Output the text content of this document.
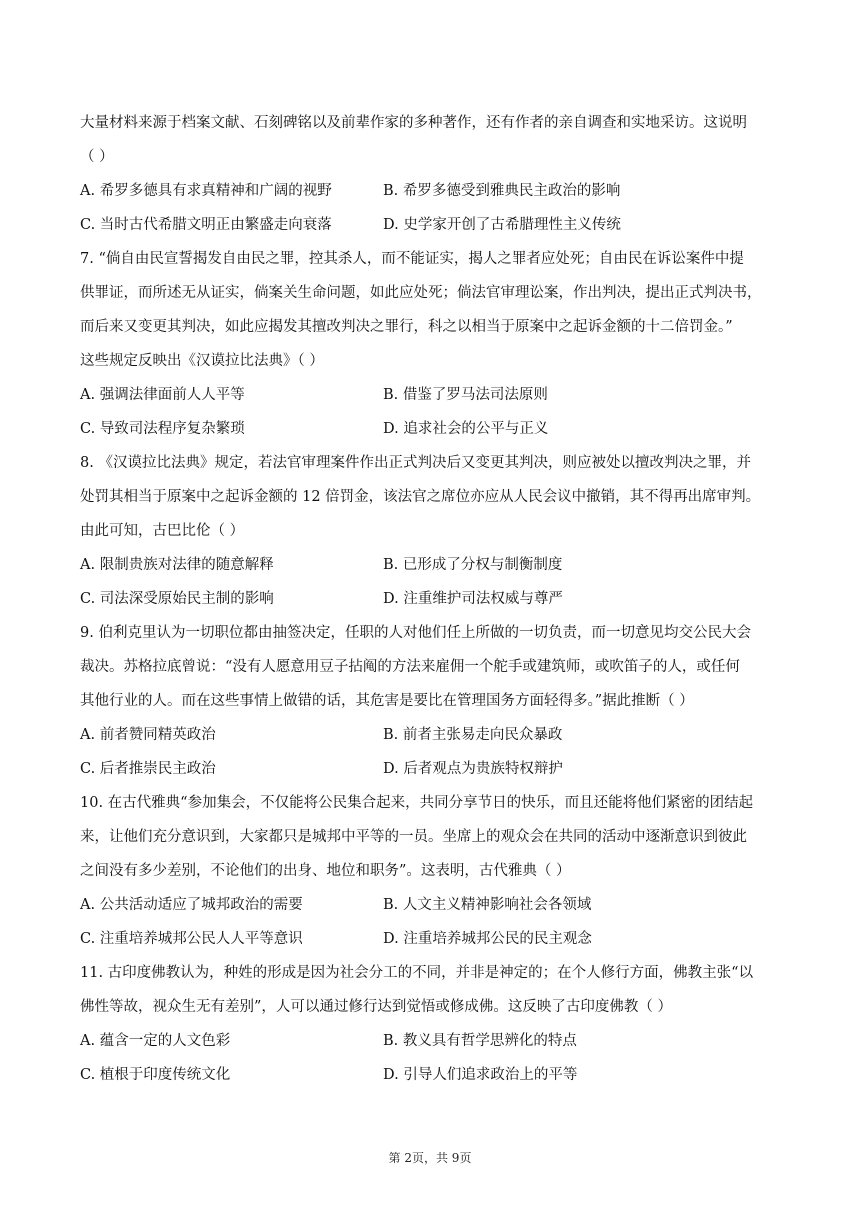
大量材料来源于档案文献、石刻碑铭以及前辈作家的多种著作，还有作者的亲自调查和实地采访。这说明
（ ）
A. 希罗多德具有求真精神和广阔的视野	B. 希罗多德受到雅典民主政治的影响
C. 当时古代希腊文明正由繁盛走向衰落	D. 史学家开创了古希腊理性主义传统
7. “倘自由民宣誓揭发自由民之罪，控其杀人，而不能证实，揭人之罪者应处死；自由民在诉讼案件中提
供罪证，而所述无从证实，倘案关生命问题，如此应处死；倘法官审理讼案，作出判决，提出正式判决书，
而后来又变更其判决，如此应揭发其擅改判决之罪行，科之以相当于原案中之起诉金额的十二倍罚金。”
这些规定反映出《汉谟拉比法典》（ ）
A. 强调法律面前人人平等	B. 借鉴了罗马法司法原则
C. 导致司法程序复杂繁琐	D. 追求社会的公平与正义
8. 《汉谟拉比法典》规定，若法官审理案件作出正式判决后又变更其判决，则应被处以擅改判决之罪，并
处罚其相当于原案中之起诉金额的 12 倍罚金，该法官之席位亦应从人民会议中撤销，其不得再出席审判。
由此可知，古巴比伦（ ）
A. 限制贵族对法律的随意解释	B. 已形成了分权与制衡制度
C. 司法深受原始民主制的影响	D. 注重维护司法权威与尊严
9. 伯利克里认为一切职位都由抽签决定，任职的人对他们任上所做的一切负责，而一切意见均交公民大会
裁决。苏格拉底曾说：“没有人愿意用豆子拈阄的方法来雇佣一个舵手或建筑师，或吹笛子的人，或任何
其他行业的人。而在这些事情上做错的话，其危害是要比在管理国务方面轻得多。”据此推断（ ）
A. 前者赞同精英政治	B. 前者主张易走向民众暴政
C. 后者推崇民主政治	D. 后者观点为贵族特权辩护
10. 在古代雅典“参加集会，不仅能将公民集合起来，共同分享节日的快乐，而且还能将他们紧密的团结起
来，让他们充分意识到，大家都只是城邦中平等的一员。坐席上的观众会在共同的活动中逐渐意识到彼此
之间没有多少差别，不论他们的出身、地位和职务”。这表明，古代雅典（ ）
A. 公共活动适应了城邦政治的需要	B. 人文主义精神影响社会各领域
C. 注重培养城邦公民人人平等意识	D. 注重培养城邦公民的民主观念
11. 古印度佛教认为，种姓的形成是因为社会分工的不同，并非是神定的；在个人修行方面，佛教主张“以
佛性等故，视众生无有差别”，人可以通过修行达到觉悟或修成佛。这反映了古印度佛教（ ）
A. 蕴含一定的人文色彩	B. 教义具有哲学思辨化的特点
C. 植根于印度传统文化	D. 引导人们追求政治上的平等
第 2页，共 9页
